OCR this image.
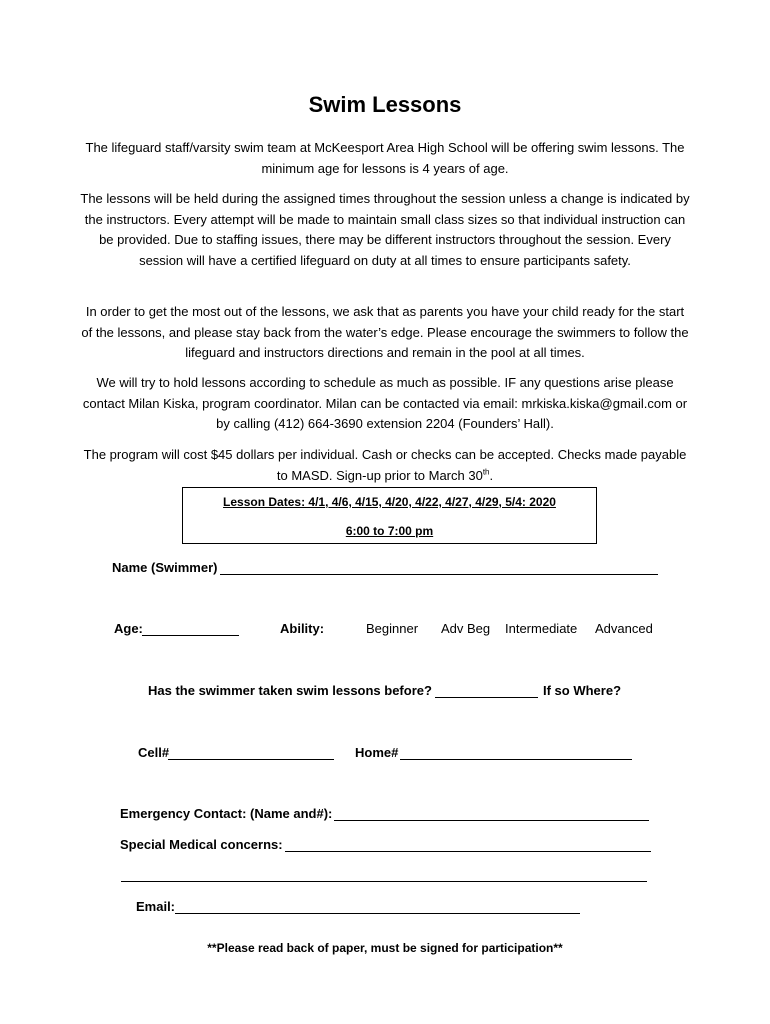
Swim Lessons
The lifeguard staff/varsity swim team at McKeesport Area High School will be offering swim lessons. The minimum age for lessons is 4 years of age.
The lessons will be held during the assigned times throughout the session unless a change is indicated by the instructors. Every attempt will be made to maintain small class sizes so that individual instruction can be provided. Due to staffing issues, there may be different instructors throughout the session. Every session will have a certified lifeguard on duty at all times to ensure participants safety.
In order to get the most out of the lessons, we ask that as parents you have your child ready for the start of the lessons, and please stay back from the water’s edge. Please encourage the swimmers to follow the lifeguard and instructors directions and remain in the pool at all times.
We will try to hold lessons according to schedule as much as possible. IF any questions arise please contact Milan Kiska, program coordinator. Milan can be contacted via email: mrkiska.kiska@gmail.com or by calling (412) 664-3690 extension 2204 (Founders’ Hall).
The program will cost $45 dollars per individual. Cash or checks can be accepted. Checks made payable to MASD. Sign-up prior to March 30th.
Lesson Dates: 4/1, 4/6, 4/15, 4/20, 4/22, 4/27, 4/29, 5/4: 2020
6:00 to 7:00 pm
Name (Swimmer)
Age:	Ability:	Beginner Adv Beg Intermediate Advanced
Has the swimmer taken swim lessons before?	If so Where?
Cell#	Home#
Emergency Contact: (Name and#):
Special Medical concerns:
Email:
**Please read back of paper, must be signed for participation**
